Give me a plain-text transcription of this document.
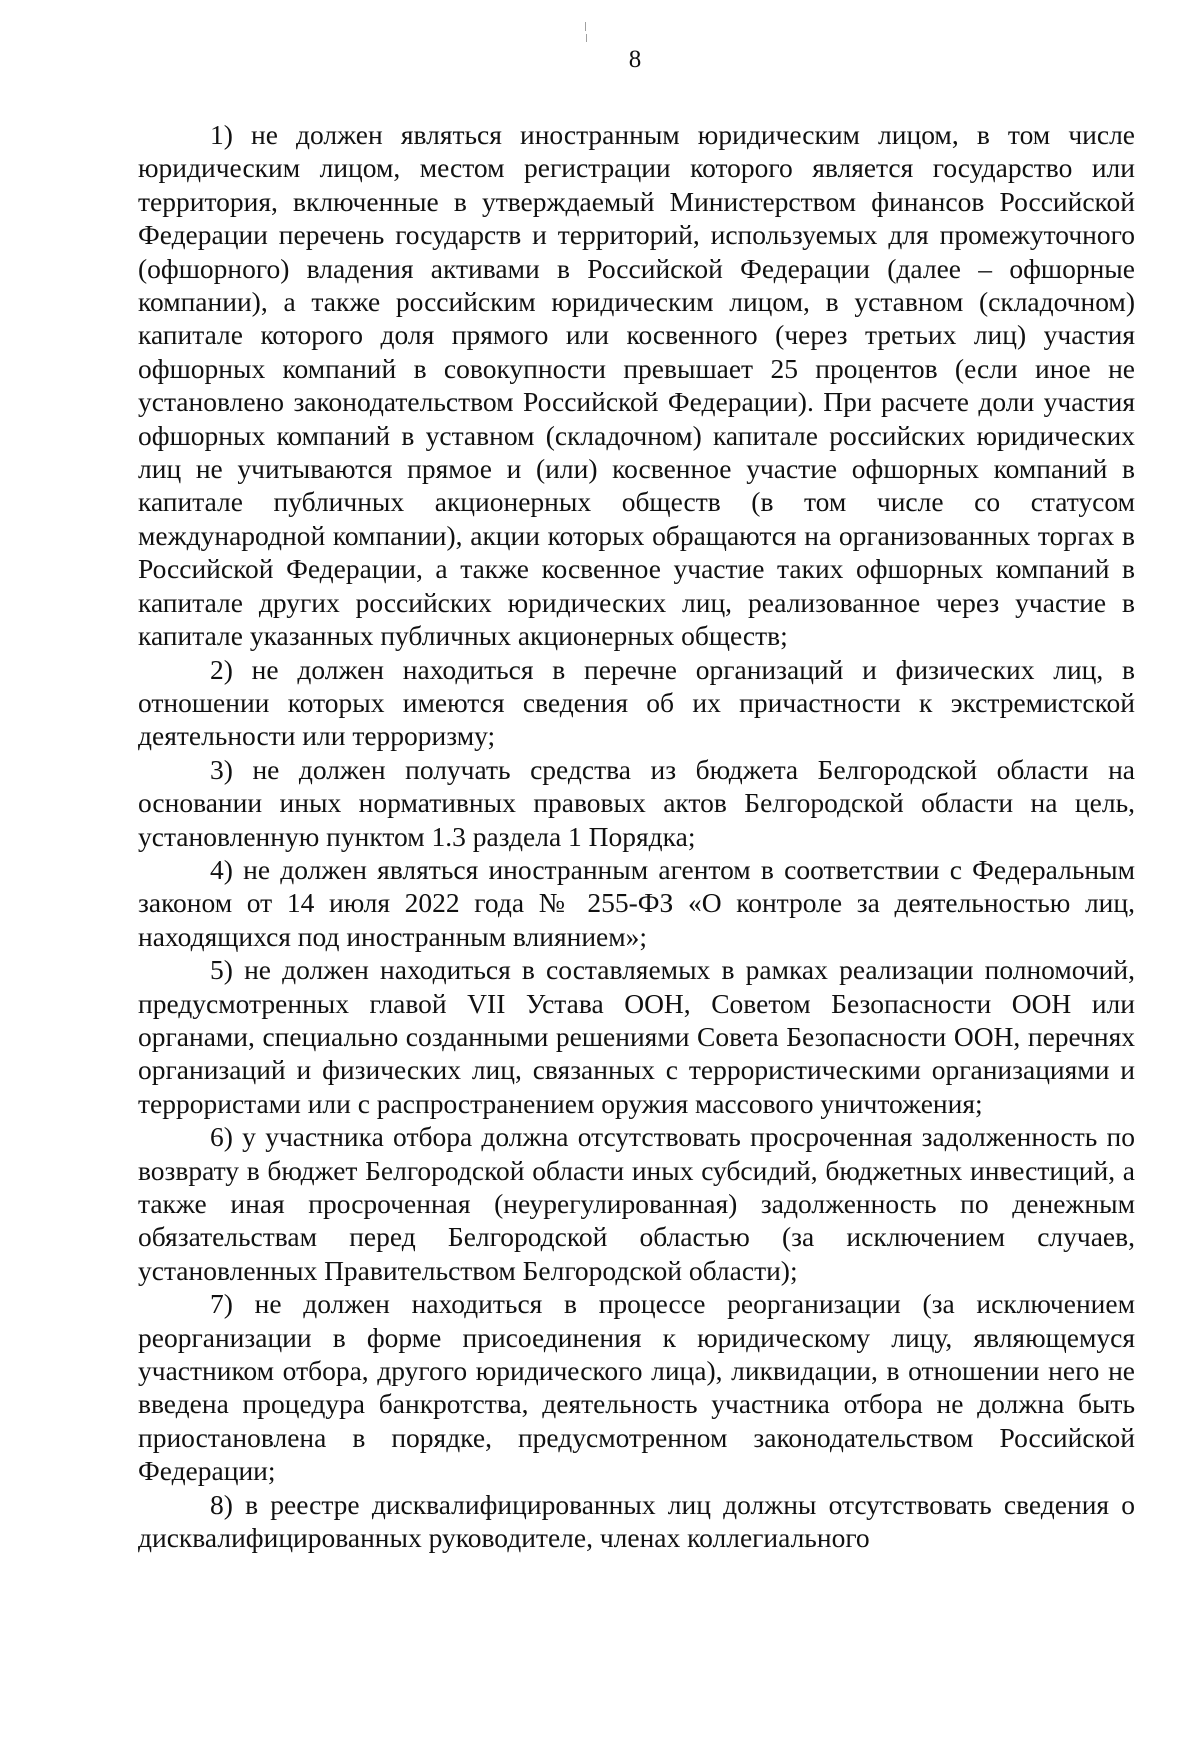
8

1) не должен являться иностранным юридическим лицом, в том числе юридическим лицом, местом регистрации которого является государство или территория, включенные в утверждаемый Министерством финансов Российской Федерации перечень государств и территорий, используемых для промежуточного (офшорного) владения активами в Российской Федерации (далее – офшорные компании), а также российским юридическим лицом, в уставном (складочном) капитале которого доля прямого или косвенного (через третьих лиц) участия офшорных компаний в совокупности превышает 25 процентов (если иное не установлено законодательством Российской Федерации). При расчете доли участия офшорных компаний в уставном (складочном) капитале российских юридических лиц не учитываются прямое и (или) косвенное участие офшорных компаний в капитале публичных акционерных обществ (в том числе со статусом международной компании), акции которых обращаются на организованных торгах в Российской Федерации, а также косвенное участие таких офшорных компаний в капитале других российских юридических лиц, реализованное через участие в капитале указанных публичных акционерных обществ;

2) не должен находиться в перечне организаций и физических лиц, в отношении которых имеются сведения об их причастности к экстремистской деятельности или терроризму;

3) не должен получать средства из бюджета Белгородской области на основании иных нормативных правовых актов Белгородской области на цель, установленную пунктом 1.3 раздела 1 Порядка;

4) не должен являться иностранным агентом в соответствии с Федеральным законом от 14 июля 2022 года № 255-ФЗ «О контроле за деятельностью лиц, находящихся под иностранным влиянием»;

5) не должен находиться в составляемых в рамках реализации полномочий, предусмотренных главой VII Устава ООН, Советом Безопасности ООН или органами, специально созданными решениями Совета Безопасности ООН, перечнях организаций и физических лиц, связанных с террористическими организациями и террористами или с распространением оружия массового уничтожения;

6) у участника отбора должна отсутствовать просроченная задолженность по возврату в бюджет Белгородской области иных субсидий, бюджетных инвестиций, а также иная просроченная (неурегулированная) задолженность по денежным обязательствам перед Белгородской областью (за исключением случаев, установленных Правительством Белгородской области);

7) не должен находиться в процессе реорганизации (за исключением реорганизации в форме присоединения к юридическому лицу, являющемуся участником отбора, другого юридического лица), ликвидации, в отношении него не введена процедура банкротства, деятельность участника отбора не должна быть приостановлена в порядке, предусмотренном законодательством Российской Федерации;

8) в реестре дисквалифицированных лиц должны отсутствовать сведения о дисквалифицированных руководителе, членах коллегиального
